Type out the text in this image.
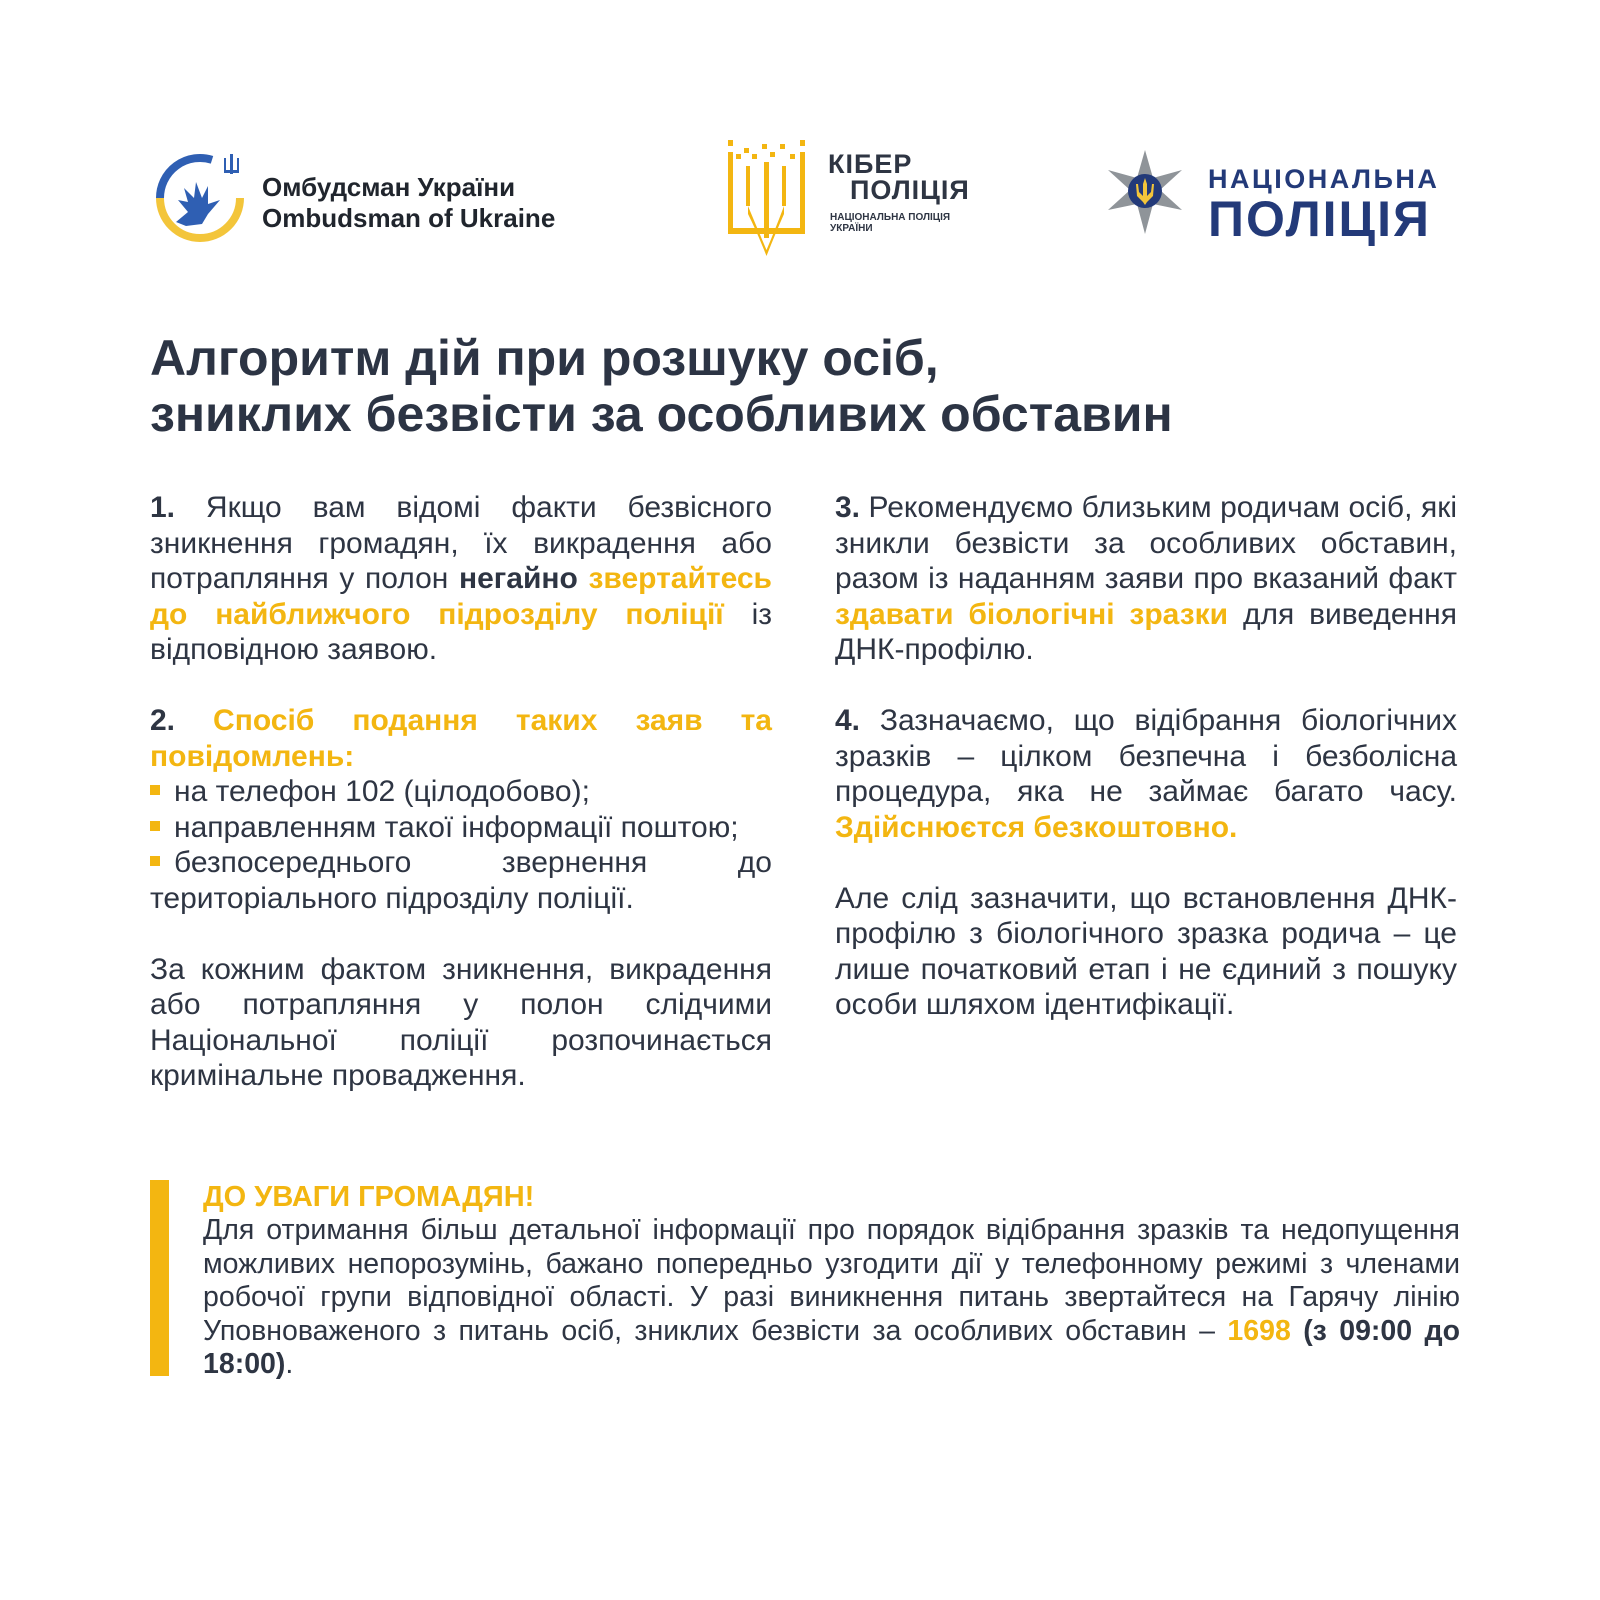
Омбудсман України
Ombudsman of Ukraine
КІБЕР
ПОЛІЦІЯ
НАЦІОНАЛЬНА ПОЛІЦІЯ
УКРАЇНИ
НАЦІОНАЛЬНА
ПОЛІЦІЯ
Алгоритм дій при розшуку осіб,
зниклих безвісти за особливих обставин

1. Якщо вам відомі факти безвісного зникнення громадян, їх викрадення або потрапляння у полон негайно звертайтесь до найближчого підрозділу поліції із відповідною заявою.

2. Спосіб подання таких заяв та повідомлень:

на телефон 102 (цілодобово);

направленням такої інформації поштою;

безпосереднього звернення до територіального підрозділу поліції.

За кожним фактом зникнення, викрадення або потрапляння у полон слідчими Національної поліції розпочинається кримінальне провадження.

3. Рекомендуємо близьким родичам осіб, які зникли безвісти за особливих обставин, разом із наданням заяви про вказаний факт здавати біологічні зразки для виведення ДНК-профілю.

4. Зазначаємо, що відібрання біологічних зразків – цілком безпечна і безболісна процедура, яка не займає багато часу. Здійснюєтся безкоштовно.

Але слід зазначити, що встановлення ДНК-профілю з біологічного зразка родича – це лише початковий етап і не єдиний з пошуку особи шляхом ідентифікації.

ДО УВАГИ ГРОМАДЯН!

Для отримання більш детальної інформації про порядок відібрання зразків та недопущення можливих непорозумінь, бажано попередньо узгодити дії у телефонному режимі з членами робочої групи відповідної області. У разі виникнення питань звертайтеся на Гарячу лінію Уповноваженого з питань осіб, зниклих безвісти за особливих обставин – 1698 (з 09:00 до 18:00).
